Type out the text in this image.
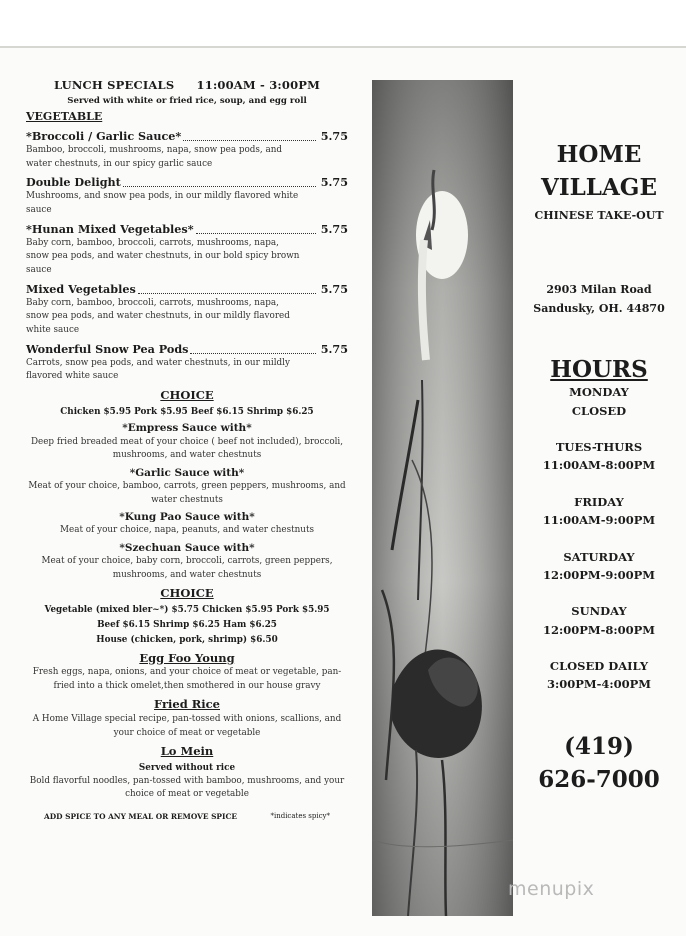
LUNCH SPECIALS 11:00AM - 3:00PM
Served with white or fried rice, soup, and egg roll
VEGETABLE
*Broccoli / Garlic Sauce*	5.75
Bamboo, broccoli, mushrooms, napa, snow pea pods, and water chestnuts, in our spicy garlic sauce
Double Delight	5.75
Mushrooms, and snow pea pods, in our mildly flavored white sauce
*Hunan Mixed Vegetables*	5.75
Baby corn, bamboo, broccoli, carrots, mushrooms, napa, snow pea pods, and water chestnuts, in our bold spicy brown sauce
Mixed Vegetables	5.75
Baby corn, bamboo, broccoli, carrots, mushrooms, napa, snow pea pods, and water chestnuts, in our mildly flavored white sauce
Wonderful Snow Pea Pods	5.75
Carrots, snow pea pods, and water chestnuts, in our mildly flavored white sauce
CHOICE
Chicken $5.95 Pork $5.95 Beef $6.15 Shrimp $6.25
*Empress Sauce with*
Deep fried breaded meat of your choice ( beef not included), broccoli, mushrooms, and water chestnuts
*Garlic Sauce with*
Meat of your choice, bamboo, carrots, green peppers, mushrooms, and water chestnuts
*Kung Pao Sauce with*
Meat of your choice, napa, peanuts, and water chestnuts
*Szechuan Sauce with*
Meat of your choice, baby corn, broccoli, carrots, green peppers, mushrooms, and water chestnuts
CHOICE
Vegetable (mixed bler~*) $5.75 Chicken $5.95 Pork $5.95
Beef $6.15 Shrimp $6.25 Ham $6.25
House (chicken, pork, shrimp) $6.50
Egg Foo Young
Fresh eggs, napa, onions, and your choice of meat or vegetable, pan-fried into a thick omelet,then smothered in our house gravy
Fried Rice
A Home Village special recipe, pan-tossed with onions, scallions, and your choice of meat or vegetable
Lo Mein
Served without rice
Bold flavorful noodles, pan-tossed with bamboo, mushrooms, and your choice of meat or vegetable
ADD SPICE TO ANY MEAL OR REMOVE SPICE	*indicates spicy*
HOME
VILLAGE
CHINESE TAKE-OUT
2903 Milan Road
Sandusky, OH. 44870
HOURS
MONDAY
CLOSED
TUES-THURS
11:00AM-8:00PM
FRIDAY
11:00AM-9:00PM
SATURDAY
12:00PM-9:00PM
SUNDAY
12:00PM-8:00PM
CLOSED DAILY
3:00PM-4:00PM
(419)
626-7000
menupix
